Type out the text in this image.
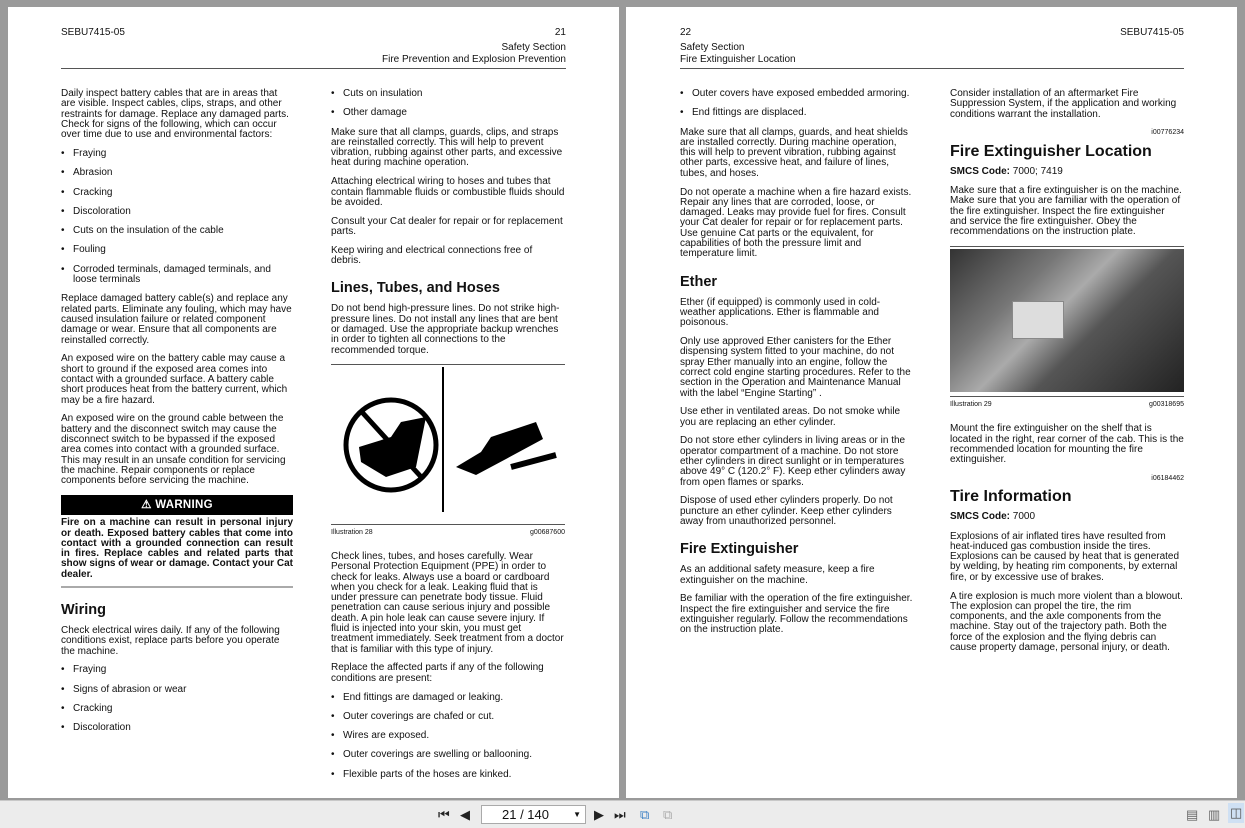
SEBU7415-05	21
Safety Section
Fire Prevention and Explosion Prevention

Daily inspect battery cables that are in areas that are visible. Inspect cables, clips, straps, and other restraints for damage. Replace any damaged parts. Check for signs of the following, which can occur over time due to use and environmental factors:

• Fraying
• Abrasion
• Cracking
• Discoloration
• Cuts on the insulation of the cable
• Fouling
• Corroded terminals, damaged terminals, and loose terminals

Replace damaged battery cable(s) and replace any related parts. Eliminate any fouling, which may have caused insulation failure or related component damage or wear. Ensure that all components are reinstalled correctly.

An exposed wire on the battery cable may cause a short to ground if the exposed area comes into contact with a grounded surface. A battery cable short produces heat from the battery current, which may be a fire hazard.

An exposed wire on the ground cable between the battery and the disconnect switch may cause the disconnect switch to be bypassed if the exposed area comes into contact with a grounded surface. This may result in an unsafe condition for servicing the machine. Repair components or replace components before servicing the machine.

⚠ WARNING
Fire on a machine can result in personal injury or death. Exposed battery cables that come into contact with a grounded connection can result in fires. Replace cables and related parts that show signs of wear or damage. Contact your Cat dealer.
Wiring

Check electrical wires daily. If any of the following conditions exist, replace parts before you operate the machine.

• Fraying
• Signs of abrasion or wear
• Cracking
• Discoloration
• Cuts on insulation
• Other damage

Make sure that all clamps, guards, clips, and straps are reinstalled correctly. This will help to prevent vibration, rubbing against other parts, and excessive heat during machine operation.

Attaching electrical wiring to hoses and tubes that contain flammable fluids or combustible fluids should be avoided.

Consult your Cat dealer for repair or for replacement parts.

Keep wiring and electrical connections free of debris.

Lines, Tubes, and Hoses

Do not bend high-pressure lines. Do not strike high-pressure lines. Do not install any lines that are bent or damaged. Use the appropriate backup wrenches in order to tighten all connections to the recommended torque.

Illustration 28	g00687600

Check lines, tubes, and hoses carefully. Wear Personal Protection Equipment (PPE) in order to check for leaks. Always use a board or cardboard when you check for a leak. Leaking fluid that is under pressure can penetrate body tissue. Fluid penetration can cause serious injury and possible death. A pin hole leak can cause severe injury. If fluid is injected into your skin, you must get treatment immediately. Seek treatment from a doctor that is familiar with this type of injury.

Replace the affected parts if any of the following conditions are present:

• End fittings are damaged or leaking.
• Outer coverings are chafed or cut.
• Wires are exposed.
• Outer coverings are swelling or ballooning.
• Flexible parts of the hoses are kinked.
22	SEBU7415-05
Safety Section
Fire Extinguisher Location
• Outer covers have exposed embedded armoring.
• End fittings are displaced.

Make sure that all clamps, guards, and heat shields are installed correctly. During machine operation, this will help to prevent vibration, rubbing against other parts, excessive heat, and failure of lines, tubes, and hoses.

Do not operate a machine when a fire hazard exists. Repair any lines that are corroded, loose, or damaged. Leaks may provide fuel for fires. Consult your Cat dealer for repair or for replacement parts. Use genuine Cat parts or the equivalent, for capabilities of both the pressure limit and temperature limit.

Ether

Ether (if equipped) is commonly used in cold-weather applications. Ether is flammable and poisonous.

Only use approved Ether canisters for the Ether dispensing system fitted to your machine, do not spray Ether manually into an engine, follow the correct cold engine starting procedures. Refer to the section in the Operation and Maintenance Manual with the label “Engine Starting” .

Use ether in ventilated areas. Do not smoke while you are replacing an ether cylinder.

Do not store ether cylinders in living areas or in the operator compartment of a machine. Do not store ether cylinders in direct sunlight or in temperatures above 49° C (120.2° F). Keep ether cylinders away from open flames or sparks.

Dispose of used ether cylinders properly. Do not puncture an ether cylinder. Keep ether cylinders away from unauthorized personnel.

Fire Extinguisher

As an additional safety measure, keep a fire extinguisher on the machine.

Be familiar with the operation of the fire extinguisher. Inspect the fire extinguisher and service the fire extinguisher regularly. Follow the recommendations on the instruction plate.

Consider installation of an aftermarket Fire Suppression System, if the application and working conditions warrant the installation.

i00776234
Fire Extinguisher Location
SMCS Code: 7000; 7419

Make sure that a fire extinguisher is on the machine. Make sure that you are familiar with the operation of the fire extinguisher. Inspect the fire extinguisher and service the fire extinguisher. Obey the recommendations on the instruction plate.

Illustration 29	g00318695

Mount the fire extinguisher on the shelf that is located in the right, rear corner of the cab. This is the recommended location for mounting the fire extinguisher.

i06184462
Tire Information
SMCS Code: 7000

Explosions of air inflated tires have resulted from heat-induced gas combustion inside the tires. Explosions can be caused by heat that is generated by welding, by heating rim components, by external fire, or by excessive use of brakes.

A tire explosion is much more violent than a blowout. The explosion can propel the tire, the rim components, and the axle components from the machine. Stay out of the trajectory path. Both the force of the explosion and the flying debris can cause property damage, personal injury, or death.

⏮ ◀	21 / 140	▼ ▶ ⏭ ⧉ ⧉	▤ ▥ ◫
